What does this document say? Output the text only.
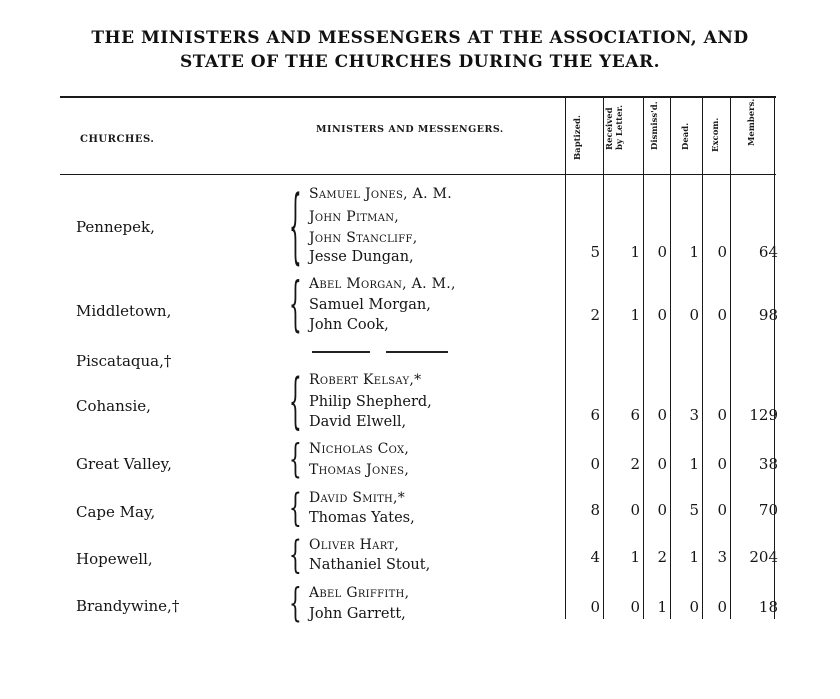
THE MINISTERS AND MESSENGERS AT THE ASSOCIATION, AND
STATE OF THE CHURCHES DURING THE YEAR.
CHURCHES.
MINISTERS AND MESSENGERS.	Baptized.	Received by Letter.	Dismiss'd. Dead. Excom.	Members.
Pennepek,	{ Samuel Jones, A. M.
John Pitman,
John Stancliff,
Jesse Dungan,	5	1	0	1	0	64
Middletown,	{ Abel Morgan, A. M.,
Samuel Morgan,
John Cook,
2	1	0	0	0	98
Piscataqua,†
Cohansie,	{ Robert Kelsay,*
Philip Shepherd,
David Elwell,	6	6	0	3	0	129
Great Valley,	{ Nicholas Cox,
Thomas Jones,	0	2	0	1	0	38
Cape May,	{ David Smith,*
Thomas Yates,	8	0	0	5	0	70
Hopewell,	{ Oliver Hart,
Nathaniel Stout,	4	1	2	1	3	204
Brandywine,†	{ Abel Griffith,
John Garrett,	0	0	1	0	0	18
